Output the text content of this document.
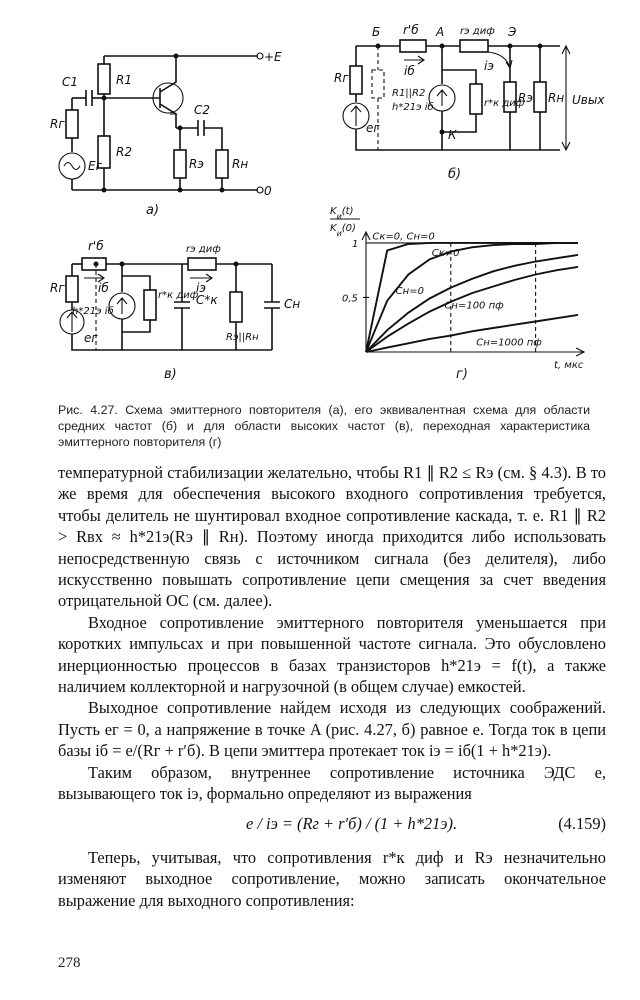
+E
C1	R1
R2
C2
Rг
Eг	Rэ Rн
0
а)
Б	А	Э
К
r'б	rэ диф
iб	iэ
Rг
eг
R1||R2
h*21э iб	r*к диф
Rэ Rн Uвых
б)
r'б	rэ диф
iб	iэ
Rг
eг
h*21э iб
r*к диф
C*к
Rэ||Rн
Cн
в)
1
0,5
Cк=0, Cн=0
Cк≠0
Cн=0
Cн=100 пф
Cн=1000 пф
t, мкс
$K_и(t)$
$K_и(0)$
г)

Рис. 4.27. Схема эмиттерного повторителя (а), его эквивалентная схема для области средних частот (б) и для области высоких частот (в), переходная характеристика эмиттерного повторителя (г)

температурной стабилизации желательно, чтобы R1 ∥ R2 ≤ Rэ (см. § 4.3). В то же время для обеспечения высокого входного сопротивления требуется, чтобы делитель не шунтировал входное сопротивление каскада, т. е. R1 ∥ R2 > Rвх ≈ h*21э(Rэ ∥ Rн). Поэтому иногда приходится либо использовать непосредственную связь с источником сигнала (без делителя), либо искусственно повышать сопротивление цепи смещения за счет введения отрицательной ОС (см. далее).

Входное сопротивление эмиттерного повторителя уменьшается при коротких импульсах и при повышенной частоте сигнала. Это обусловлено инерционностью процессов в базах транзисторов h*21э = f(t), а также наличием коллекторной и нагрузочной (в общем случае) емкостей.

Выходное сопротивление найдем исходя из следующих соображений. Пусть eг = 0, а напряжение в точке A (рис. 4.27, б) равное e. Тогда ток в цепи базы iб = e/(Rг + r′б). В цепи эмиттера протекает ток iэ = iб(1 + h*21э).

Таким образом, внутреннее сопротивление источника ЭДС e, вызывающего ток iэ, формально определяют из выражения

e / iэ = (Rг + r′б) / (1 + h*21э).	(4.159)

Теперь, учитывая, что сопротивления r*к диф и Rэ незначительно изменяют выходное сопротивление, можно записать окончательное выражение для выходного сопротивления:

278
